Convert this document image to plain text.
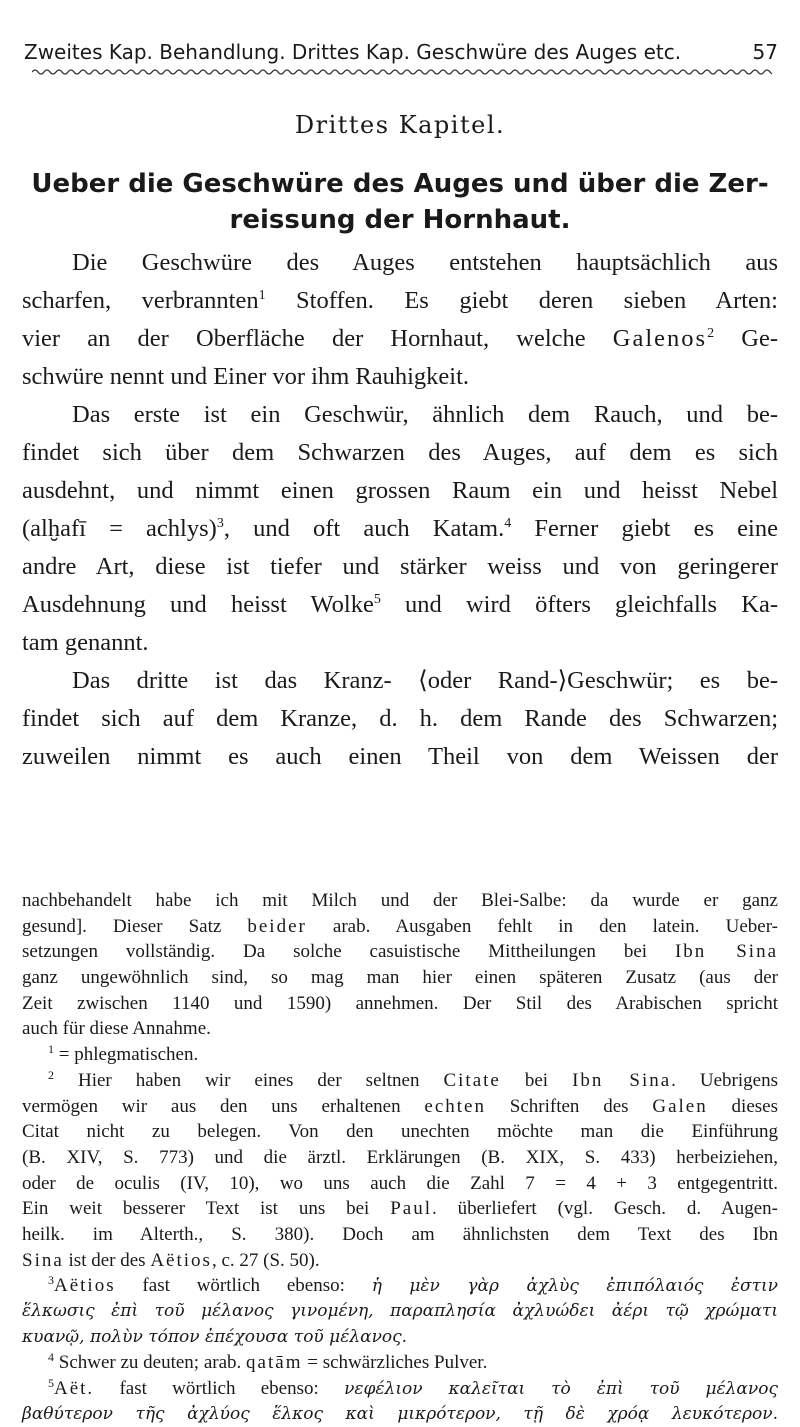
Zweites Kap. Behandlung. Drittes Kap. Geschwüre des Auges etc.	57
Drittes Kapitel.
Ueber die Geschwüre des Auges und über die Zer-
reissung der Hornhaut.
Die Geschwüre des Auges entstehen hauptsächlich aus
scharfen, verbrannten$^1$ Stoffen. Es giebt deren sieben Arten:
vier an der Oberfläche der Hornhaut, welche Galenos$^2$ Ge-
schwüre nennt und Einer vor ihm Rauhigkeit.
Das erste ist ein Geschwür, ähnlich dem Rauch, und be-
findet sich über dem Schwarzen des Auges, auf dem es sich
ausdehnt, und nimmt einen grossen Raum ein und heisst Nebel
(alḫafī = achlys)$^3$, und oft auch Katam.$^4$ Ferner giebt es eine
andre Art, diese ist tiefer und stärker weiss und von geringerer
Ausdehnung und heisst Wolke$^5$ und wird öfters gleichfalls Ka-
tam genannt.
Das dritte ist das Kranz- ⟨oder Rand-⟩Geschwür; es be-
findet sich auf dem Kranze, d. h. dem Rande des Schwarzen;
zuweilen nimmt es auch einen Theil von dem Weissen der
nachbehandelt habe ich mit Milch und der Blei-Salbe: da wurde er ganz
gesund]. Dieser Satz beider arab. Ausgaben fehlt in den latein. Ueber-
setzungen vollständig. Da solche casuistische Mittheilungen bei Ibn Sina
ganz ungewöhnlich sind, so mag man hier einen späteren Zusatz (aus der
Zeit zwischen 1140 und 1590) annehmen. Der Stil des Arabischen spricht
auch für diese Annahme.
$^1$ = phlegmatischen.
$^2$ Hier haben wir eines der seltnen Citate bei Ibn Sina. Uebrigens
vermögen wir aus den uns erhaltenen echten Schriften des Galen dieses
Citat nicht zu belegen. Von den unechten möchte man die Einführung
(B. XIV, S. 773) und die ärztl. Erklärungen (B. XIX, S. 433) herbeiziehen,
oder de oculis (IV, 10), wo uns auch die Zahl 7 = 4 + 3 entgegentritt.
Ein weit besserer Text ist uns bei Paul. überliefert (vgl. Gesch. d. Augen-
heilk. im Alterth., S. 380). Doch am ähnlichsten dem Text des Ibn
Sina ist der des Aëtios, c. 27 (S. 50).
$^3$Aëtios fast wörtlich ebenso: ἡ μὲν γὰρ ἀχλὺς ἐπιπόλαιός ἐστιν
ἕλκωσις ἐπὶ τοῦ μέλανος γινομένη, παραπλησία ἀχλυώδει ἀέρι τῷ χρώματι
κυανῷ, πολὺν τόπον ἐπέχουσα τοῦ μέλανος.
$^4$ Schwer zu deuten; arab. qatām = schwärzliches Pulver.
$^5$Aët. fast wörtlich ebenso: νεφέλιον καλεῖται τὸ ἐπὶ τοῦ μέλανος
βαθύτερον τῆς ἀχλύος ἕλκος καὶ μικρότερον, τῇ δὲ χρόᾳ λευκότερον.
